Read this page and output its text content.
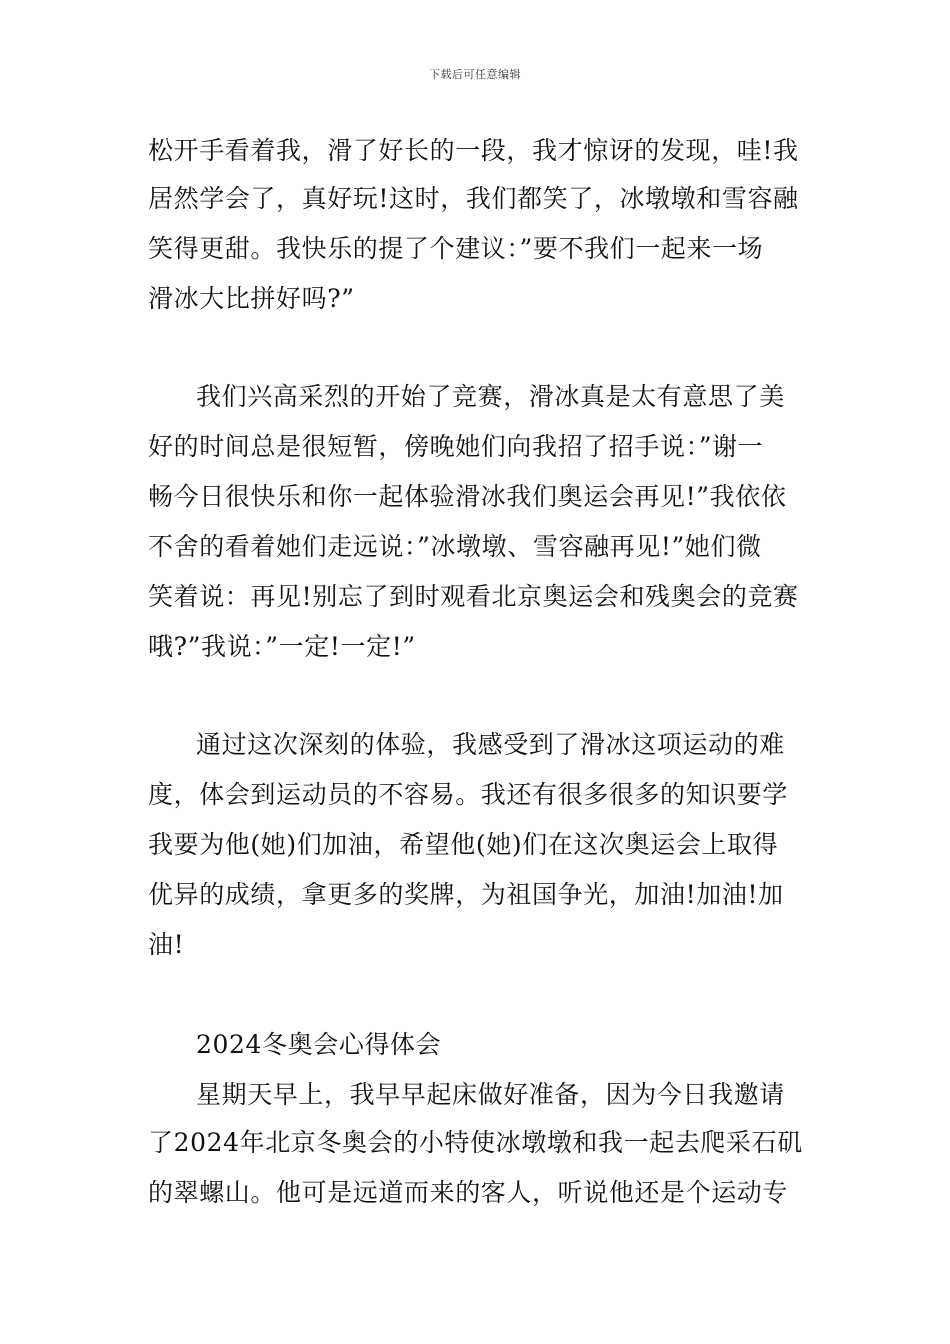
下载后可任意编辑
松开手看着我，滑了好长的一段，我才惊讶的发现，哇!我
居然学会了，真好玩!这时，我们都笑了，冰墩墩和雪容融
笑得更甜。我快乐的提了个建议：”要不我们一起来一场
滑冰大比拼好吗?”
我们兴高采烈的开始了竞赛，滑冰真是太有意思了美
好的时间总是很短暂，傍晚她们向我招了招手说：”谢一
畅今日很快乐和你一起体验滑冰我们奥运会再见!”我依依
不舍的看着她们走远说：”冰墩墩、雪容融再见!”她们微
笑着说：再见!别忘了到时观看北京奥运会和残奥会的竞赛
哦?”我说：”一定!一定!”
通过这次深刻的体验，我感受到了滑冰这项运动的难
度，体会到运动员的不容易。我还有很多很多的知识要学
我要为他(她)们加油，希望他(她)们在这次奥运会上取得
优异的成绩，拿更多的奖牌，为祖国争光，加油!加油!加
油!
2024冬奥会心得体会
星期天早上，我早早起床做好准备，因为今日我邀请
了2024年北京冬奥会的小特使冰墩墩和我一起去爬采石矶
的翠螺山。他可是远道而来的客人，听说他还是个运动专
